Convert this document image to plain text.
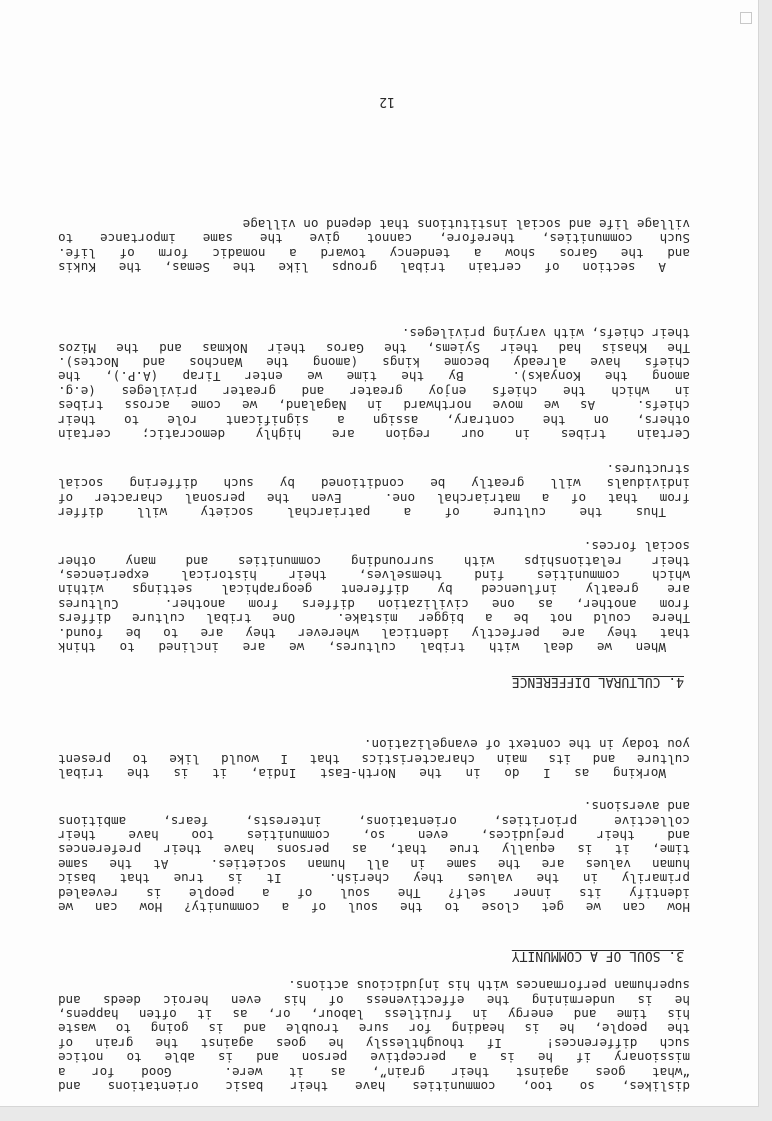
dislikes, so too, communities have their basic orientations and
“what goes against their grain”, as it were.  Good for a
missionary if he is a perceptive person and is able to notice
such differences!  If thoughtlessly he goes against the grain of
the people, he is heading for sure trouble and is going to waste
his time and energy in fruitless labour, or, as it often happens,
he is undermining the effectiveness of his even heroic deeds and
superhuman performances with his injudicious actions.
3. SOUL OF A COMMUNITY
How can we get close to the soul of a community? How can we
identify its inner self? The soul of a people is revealed
primarily in the values they cherish.  It is true that basic
human values are the same in all human societies.  At the same
time, it is equally true that, as persons have their preferences
and their prejudices, even so, communities too have their
collective priorities, orientations, interests, fears, ambitions
and aversions.
Working as I do in the North-East India, it is the tribal
culture and its main characteristics that I would like to present
you today in the context of evangelization.
4. CULTURAL DIFFERENCE
When we deal with tribal cultures, we are inclined to think
that they are perfectly identical wherever they are to be found.
There could not be a bigger mistake.  One tribal culture differs
from another, as one civilization differs from another.  Cultures
are greatly influenced by different geographical settings within
which communities find themselves, their historical experiences,
their relationships with surrounding communities and many other
social forces.
Thus the culture of a patriarchal society will differ
from that of a matriarchal one.  Even the personal character of
individuals will greatly be conditioned by such differing social
structures.
Certain tribes in our region are highly democratic; certain
others, on the contrary, assign a significant role to their
chiefs.  As we move northward in Nagaland, we come across tribes
in which the chiefs enjoy greater and greater privileges (e.g.
among the Konyaks).  By the time we enter Tirap (A.P.), the
chiefs have already become kings (among the Wanchos and Noctes).
The Khasis had their Syiems, the Garos their Nokmas and the Mizos
their chiefs, with varying privileges.
A section of certain tribal groups like the Semas, the Kukis
and the Garos show a tendency toward a nomadic form of life.
Such communities, therefore, cannot give the same importance to
village life and social institutions that depend on village
12
